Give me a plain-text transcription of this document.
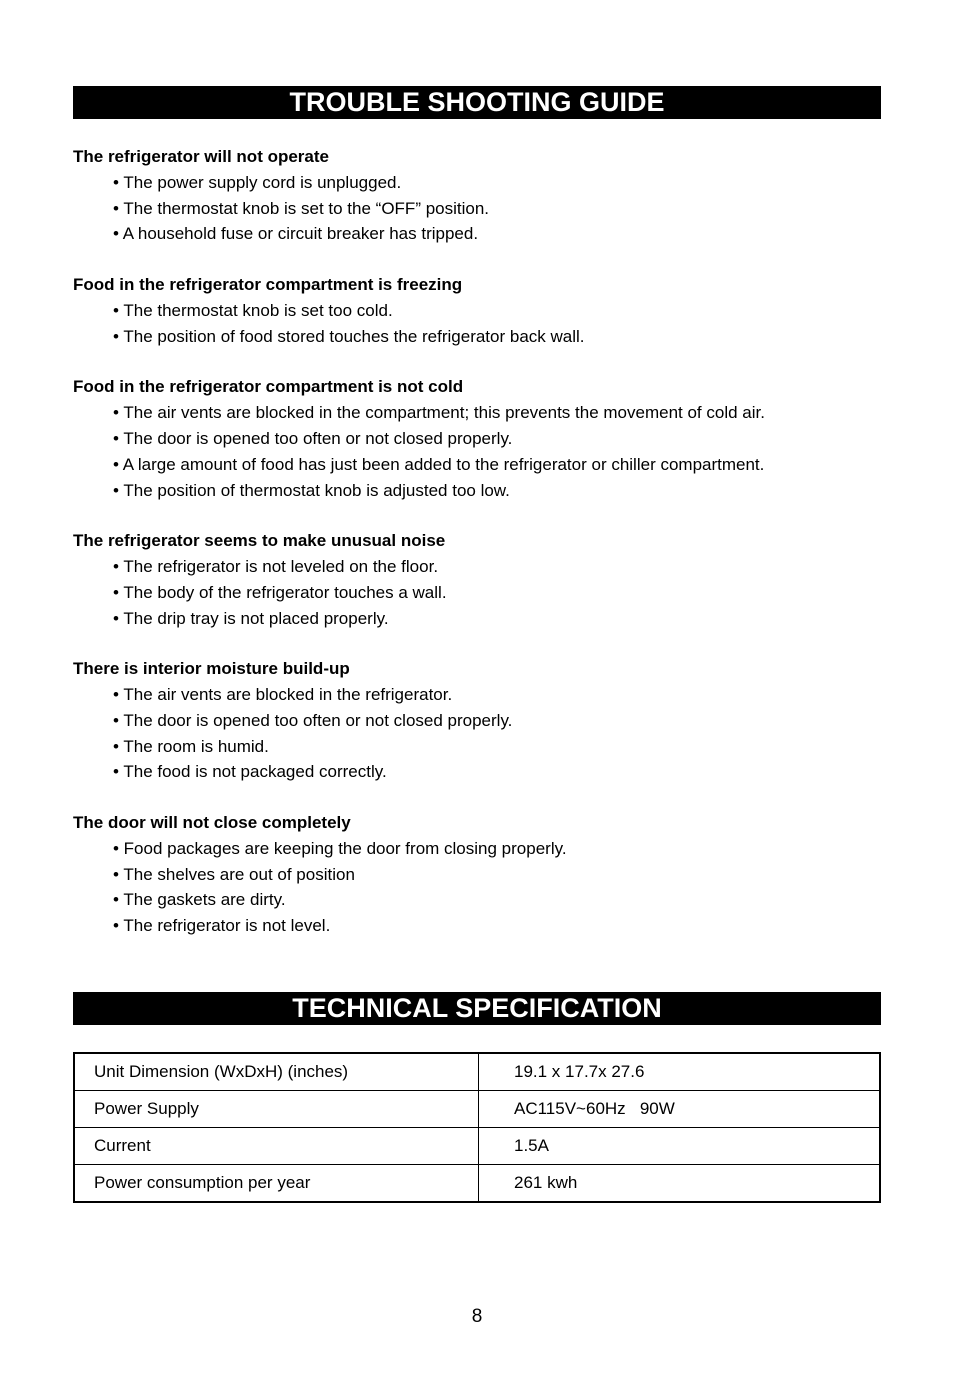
TROUBLE SHOOTING GUIDE
The refrigerator will not operate
• The power supply cord is unplugged.
• The thermostat knob is set to the “OFF” position.
• A household fuse or circuit breaker has tripped.
Food in the refrigerator compartment is freezing
• The thermostat knob is set too cold.
• The position of food stored touches the refrigerator back wall.
Food in the refrigerator compartment is not cold
• The air vents are blocked in the compartment; this prevents the movement of cold air.
• The door is opened too often or not closed properly.
• A large amount of food has just been added to the refrigerator or chiller compartment.
• The position of thermostat knob is adjusted too low.
The refrigerator seems to make unusual noise
• The refrigerator is not leveled on the floor.
• The body of the refrigerator touches a wall.
• The drip tray is not placed properly.
There is interior moisture build-up
• The air vents are blocked in the refrigerator.
• The door is opened too often or not closed properly.
• The room is humid.
• The food is not packaged correctly.
The door will not close completely
• Food packages are keeping the door from closing properly.
• The shelves are out of position
• The gaskets are dirty.
• The refrigerator is not level.
TECHNICAL SPECIFICATION
Unit Dimension (WxDxH) (inches)	19.1 x 17.7x 27.6
Power Supply	AC115V~60Hz   90W
Current	1.5A
Power consumption per year	261 kwh
8
